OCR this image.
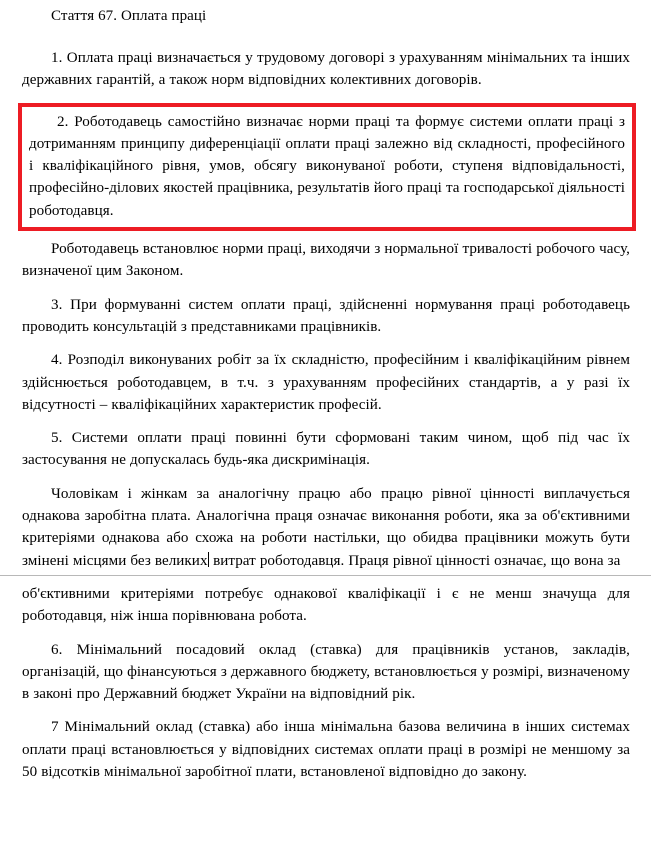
Стаття 67. Оплата праці

1. Оплата праці визначається у трудовому договорі з урахуванням мінімальних та інших державних гарантій, а також норм відповідних колективних договорів.

2. Роботодавець самостійно визначає норми праці та формує системи оплати праці з дотриманням принципу диференціації оплати праці залежно від складності, професійного і кваліфікаційного рівня, умов, обсягу виконуваної роботи, ступеня відповідальності, професійно-ділових якостей працівника, результатів його праці та господарської діяльності роботодавця.

Роботодавець встановлює норми праці, виходячи з нормальної тривалості робочого часу, визначеної цим Законом.

3. При формуванні систем оплати праці, здійсненні нормування праці роботодавець проводить консультацій з представниками працівників.

4. Розподіл виконуваних робіт за їх складністю, професійним і кваліфікаційним рівнем здійснюється роботодавцем, в т.ч. з урахуванням професійних стандартів, а у разі їх відсутності – кваліфікаційних характеристик професій.

5. Системи оплати праці повинні бути сформовані таким чином, щоб під час їх застосування не допускалась будь-яка дискримінація.

Чоловікам і жінкам за аналогічну працю або працю рівної цінності виплачується однакова заробітна плата. Аналогічна праця означає виконання роботи, яка за об'єктивними критеріями однакова або схожа на роботи настільки, що обидва працівники можуть бути змінені місцями без великих витрат роботодавця. Праця рівної цінності означає, що вона за

об'єктивними критеріями потребує однакової кваліфікації і є не менш значуща для роботодавця, ніж інша порівнювана робота.

6. Мінімальний посадовий оклад (ставка) для працівників установ, закладів, організацій, що фінансуються з державного бюджету, встановлюється у розмірі, визначеному в законі про Державний бюджет України на відповідний рік.

7 Мінімальний оклад (ставка) або інша мінімальна базова величина в інших системах оплати праці встановлюється у відповідних системах оплати праці в розмірі не меншому за 50 відсотків мінімальної заробітної плати, встановленої відповідно до закону.
